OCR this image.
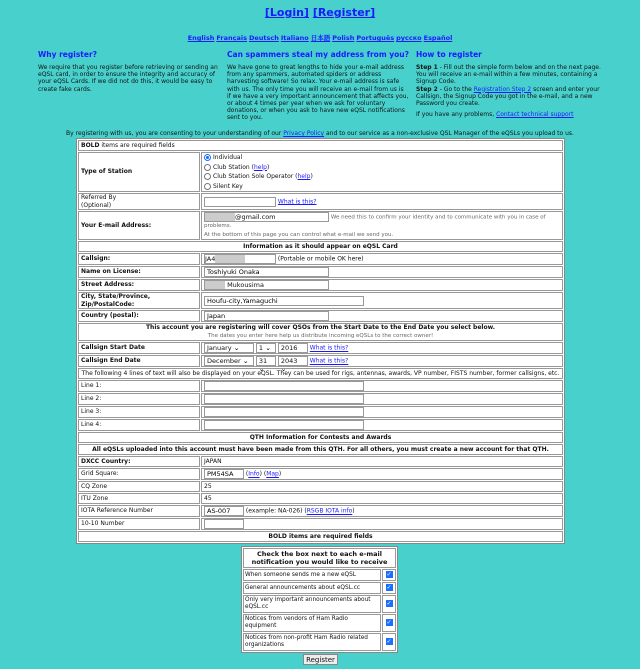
[Login] [Register]
English Français Deutsch Italiano 日本語 Polish Português русско Español
Why register?

We require that you register before retrieving or sending an eQSL card, in order to ensure the integrity and accuracy of your eQSL Cards. If we did not do this, it would be easy to create fake cards.

Can spammers steal my address from you?

We have gone to great lengths to hide your e-mail address from any spammers, automated spiders or address harvesting software! So relax. Your e-mail address is safe with us. The only time you will receive an e-mail from us is if we have a very important announcement that affects you, or about 4 times per year when we ask for voluntary donations, or when you ask to have new eQSL notifications sent to you.

How to register

Step 1 - Fill out the simple form below and on the next page. You will receive an e-mail within a few minutes, containing a Signup Code.
Step 2 - Go to the Registration Step 2 screen and enter your Callsign, the Signup Code you got in the e-mail, and a new Password you create.

If you have any problems, Contact technical support

By registering with us, you are consenting to your understanding of our Privacy Policy and to our service as a non-exclusive QSL Manager of the eQSLs you upload to us.
BOLD items are required fields	
Type of Station	Individual
Club Station (help)
Club Station Sole Operator (help)
Silent Key

Referred By
(Optional)	What is this?
Your E-mail Address:	@gmail.com We need this to confirm your identity and to communicate with you in case of problems.
At the bottom of this page you can control what e-mail we send you.
Information as it should appear on eQSL Card	
Callsign:	JA4 (Portable or mobile OK here)
Name on License:	Toshiyuki Onaka
Street Address:	Mukousima
City, State/Province, Zip/PostalCode:	Houfu-city,Yamaguchi
Country (postal):	Japan
This account you are registering will cover QSOs from the Start Date to the End Date you select below.
The dates you enter here help us distribute incoming eQSLs to the correct owner!	
Callsign Start Date	January ⌄ 1 ⌄ 2016 ⌄ What is this?
Callsign End Date	December ⌄ 31 ⌄ 2043 ⌄ What is this?
The following 4 lines of text will also be displayed on your eQSL. They can be used for rigs, antennas, awards, VP number, FISTS number, former callsigns, etc.	
Line 1:	
Line 2:	
Line 3:	
Line 4:	
QTH Information for Contests and Awards	
All eQSLs uploaded into this account must have been made from this QTH. For all others, you must create a new account for that QTH.	
DXCC Country:	JAPAN
Grid Square:	PM54SA (Info) (Map)
CQ Zone	25
ITU Zone	45
IOTA Reference Number	AS-007(example: NA-026) (RSGB IOTA info)
10-10 Number	
BOLD items are required fields	
Check the box next to each e-mail notification you would like to receive	
When someone sends me a new eQSL	✓
General announcements about eQSL.cc	✓
Only very important announcements about eQSL.cc	✓
Notices from vendors of Ham Radio equipment	✓
Notices from non-profit Ham Radio related organizations	✓
Register
